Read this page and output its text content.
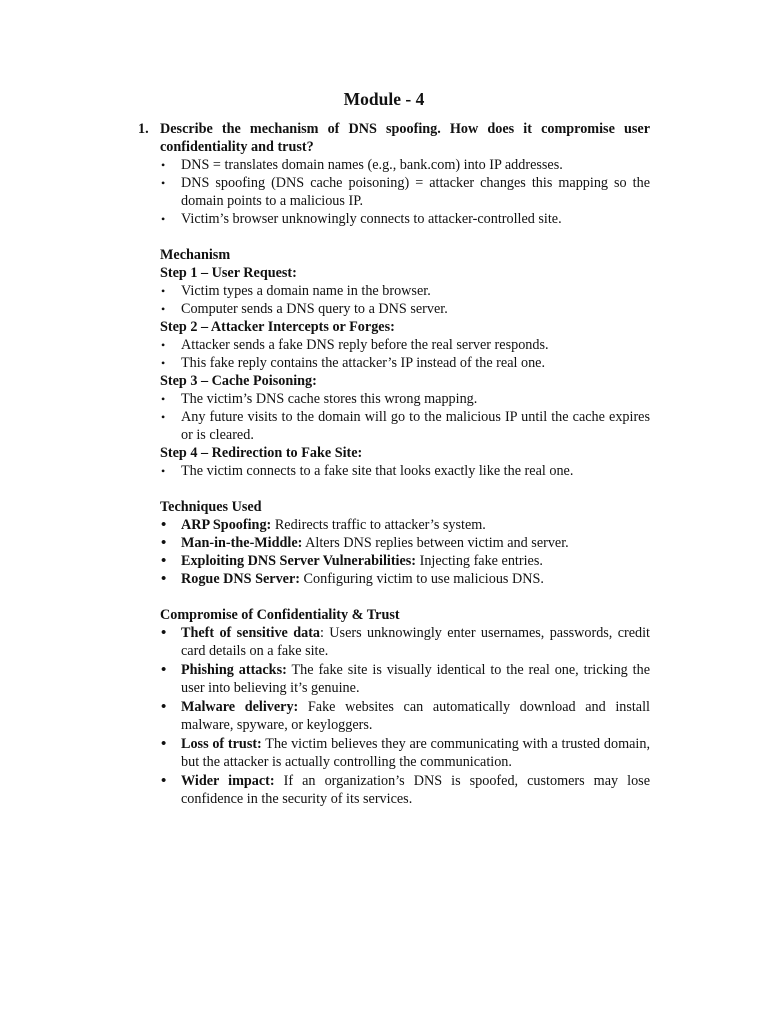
Module - 4
1. Describe the mechanism of DNS spoofing. How does it compromise user confidentiality and trust?
•	DNS = translates domain names (e.g., bank.com) into IP addresses.
•	DNS spoofing (DNS cache poisoning) = attacker changes this mapping so the domain points to a malicious IP.
•	Victim’s browser unknowingly connects to attacker-controlled site.
Mechanism
Step 1 – User Request:
•	Victim types a domain name in the browser.
•	Computer sends a DNS query to a DNS server.
Step 2 – Attacker Intercepts or Forges:
•	Attacker sends a fake DNS reply before the real server responds.
•	This fake reply contains the attacker’s IP instead of the real one.
Step 3 – Cache Poisoning:
•	The victim’s DNS cache stores this wrong mapping.
•	Any future visits to the domain will go to the malicious IP until the cache expires or is cleared.
Step 4 – Redirection to Fake Site:
•	The victim connects to a fake site that looks exactly like the real one.
Techniques Used
•	ARP Spoofing: Redirects traffic to attacker’s system.
•	Man-in-the-Middle: Alters DNS replies between victim and server.
•	Exploiting DNS Server Vulnerabilities: Injecting fake entries.
•	Rogue DNS Server: Configuring victim to use malicious DNS.
Compromise of Confidentiality & Trust
•	Theft of sensitive data: Users unknowingly enter usernames, passwords, credit card details on a fake site.
•	Phishing attacks: The fake site is visually identical to the real one, tricking the user into believing it’s genuine.
•	Malware delivery: Fake websites can automatically download and install malware, spyware, or keyloggers.
•	Loss of trust: The victim believes they are communicating with a trusted domain, but the attacker is actually controlling the communication.
•	Wider impact: If an organization’s DNS is spoofed, customers may lose confidence in the security of its services.
